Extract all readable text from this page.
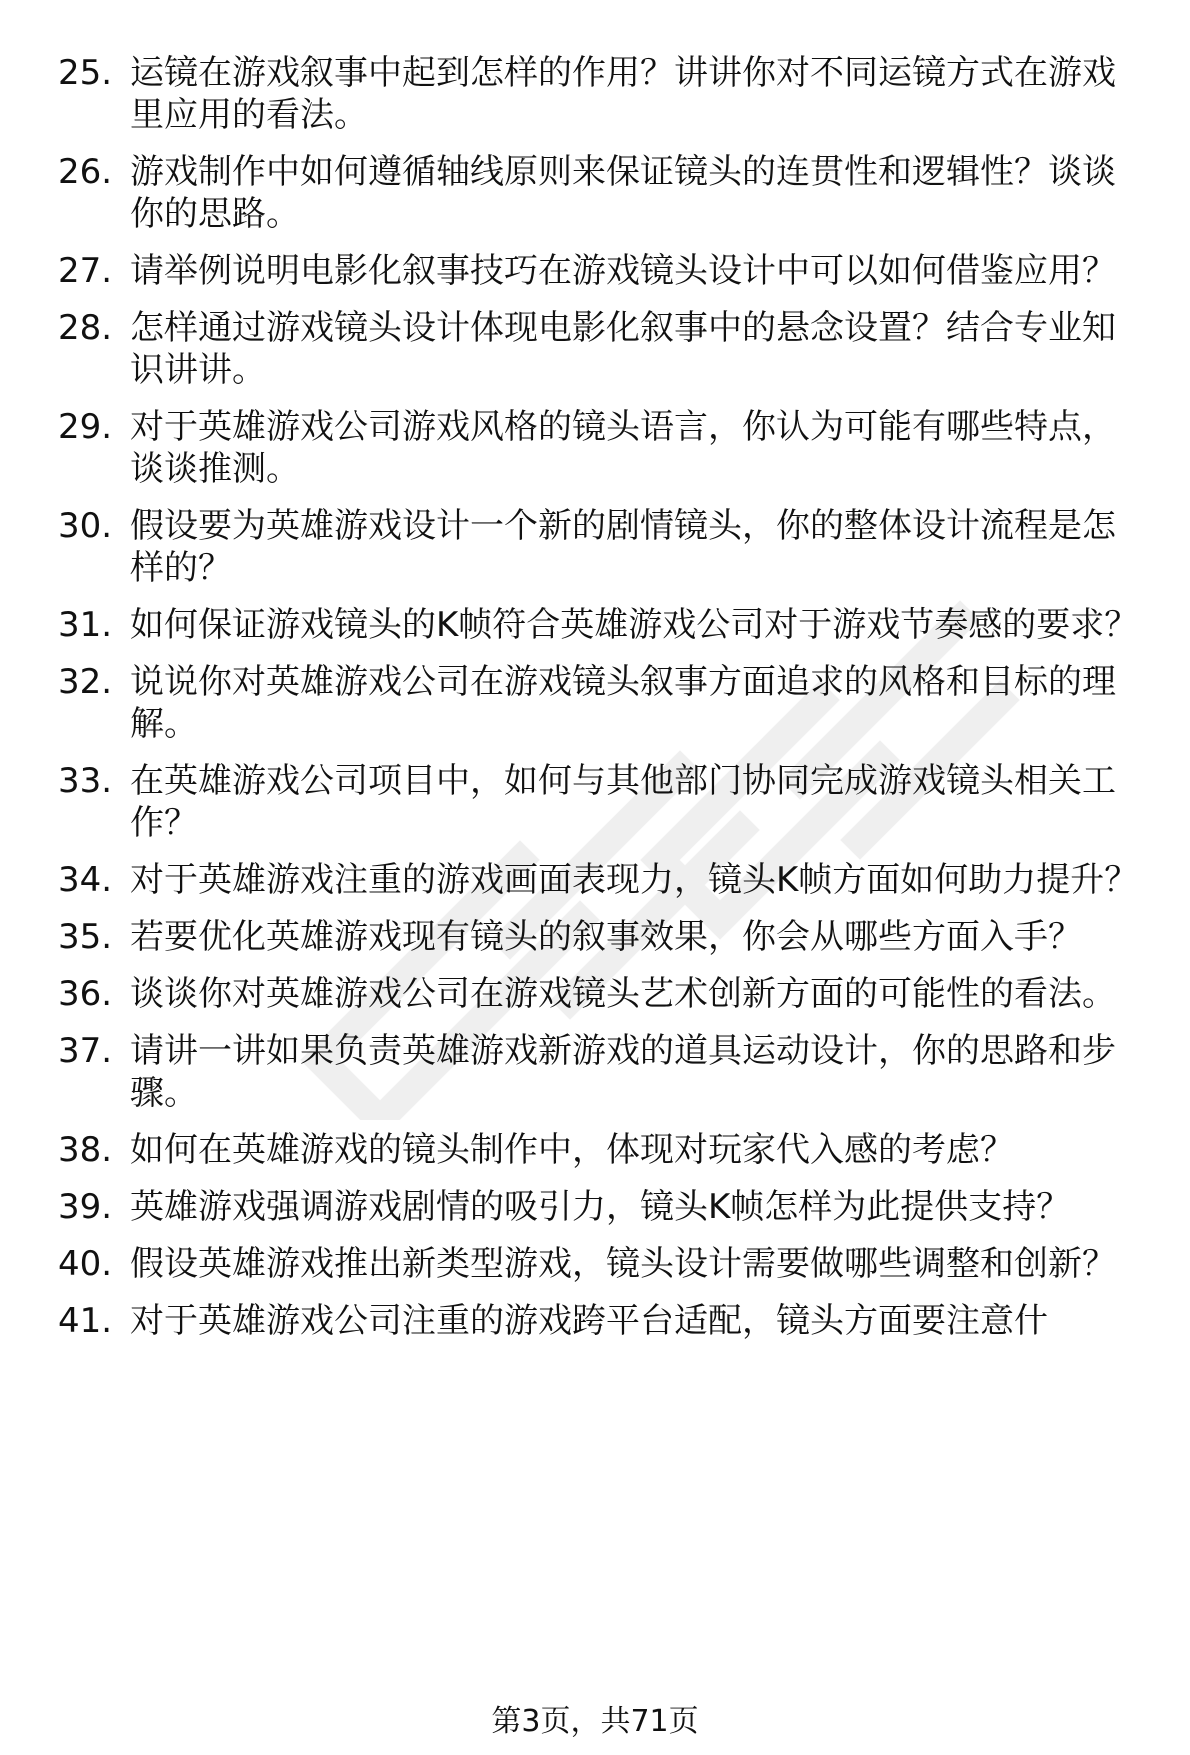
25. 运镜在游戏叙事中起到怎样的作用？讲讲你对不同运镜方式在游戏里应用的看法。
26. 游戏制作中如何遵循轴线原则来保证镜头的连贯性和逻辑性？谈谈你的思路。
27. 请举例说明电影化叙事技巧在游戏镜头设计中可以如何借鉴应用？
28. 怎样通过游戏镜头设计体现电影化叙事中的悬念设置？结合专业知识讲讲。
29. 对于英雄游戏公司游戏风格的镜头语言，你认为可能有哪些特点，谈谈推测。
30. 假设要为英雄游戏设计一个新的剧情镜头，你的整体设计流程是怎样的？
31. 如何保证游戏镜头的K帧符合英雄游戏公司对于游戏节奏感的要求？
32. 说说你对英雄游戏公司在游戏镜头叙事方面追求的风格和目标的理解。
33. 在英雄游戏公司项目中，如何与其他部门协同完成游戏镜头相关工作？
34. 对于英雄游戏注重的游戏画面表现力，镜头K帧方面如何助力提升？
35. 若要优化英雄游戏现有镜头的叙事效果，你会从哪些方面入手？
36. 谈谈你对英雄游戏公司在游戏镜头艺术创新方面的可能性的看法。
37. 请讲一讲如果负责英雄游戏新游戏的道具运动设计，你的思路和步骤。
38. 如何在英雄游戏的镜头制作中，体现对玩家代入感的考虑？
39. 英雄游戏强调游戏剧情的吸引力，镜头K帧怎样为此提供支持？
40. 假设英雄游戏推出新类型游戏，镜头设计需要做哪些调整和创新？
41. 对于英雄游戏公司注重的游戏跨平台适配，镜头方面要注意什
第3页，共71页
